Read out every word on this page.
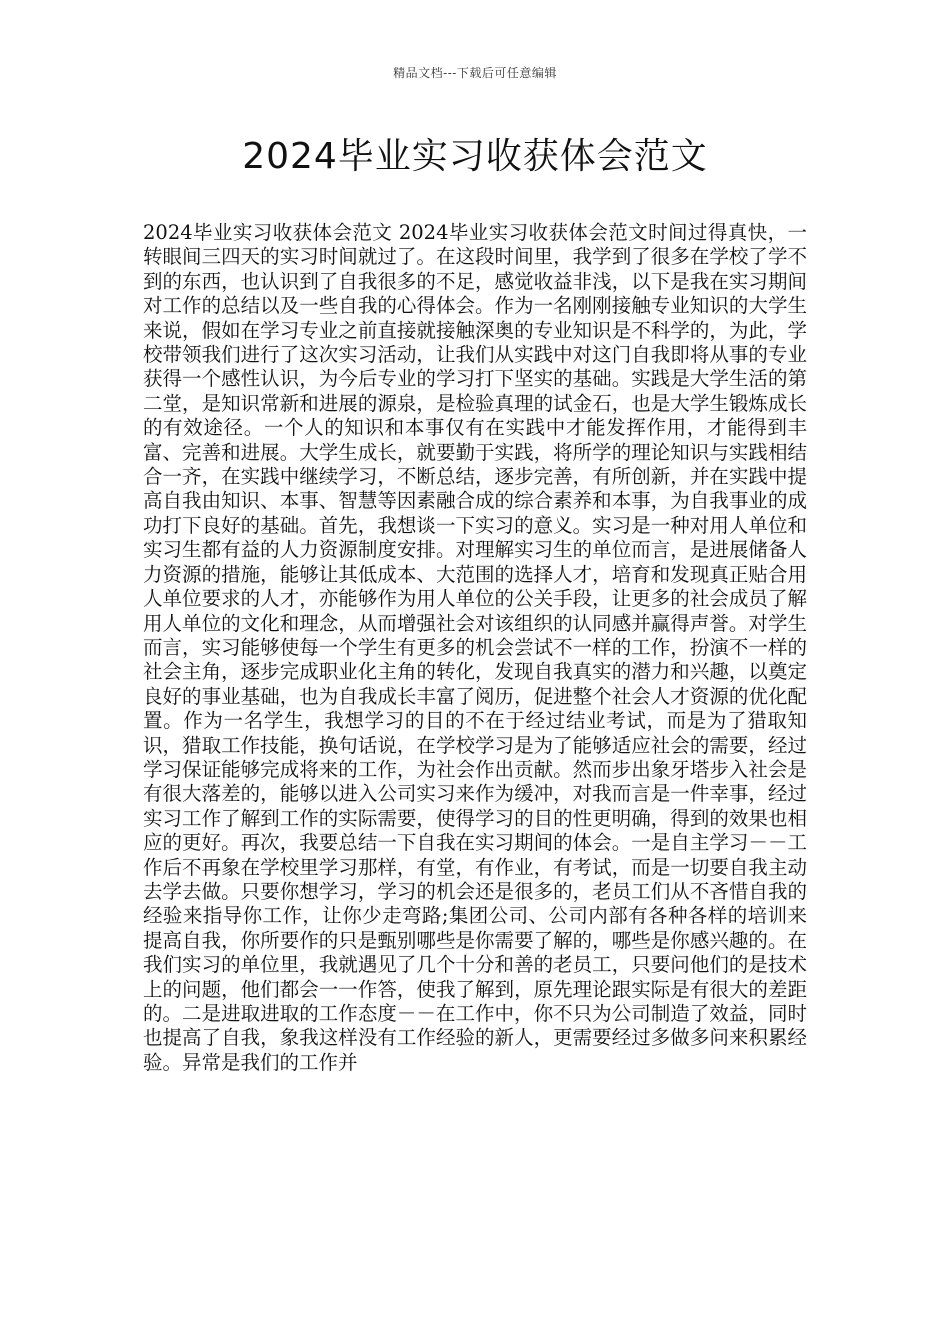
精品文档---下载后可任意编辑
2024毕业实习收获体会范文

2024毕业实习收获体会范文 2024毕业实习收获体会范文时间过得真快，一转眼间三四天的实习时间就过了。在这段时间里，我学到了很多在学校了学不到的东西，也认识到了自我很多的不足，感觉收益非浅，以下是我在实习期间对工作的总结以及一些自我的心得体会。作为一名刚刚接触专业知识的大学生来说，假如在学习专业之前直接就接触深奥的专业知识是不科学的，为此，学校带领我们进行了这次实习活动，让我们从实践中对这门自我即将从事的专业获得一个感性认识，为今后专业的学习打下坚实的基础。实践是大学生活的第二堂，是知识常新和进展的源泉，是检验真理的试金石，也是大学生锻炼成长的有效途径。一个人的知识和本事仅有在实践中才能发挥作用，才能得到丰富、完善和进展。大学生成长，就要勤于实践，将所学的理论知识与实践相结合一齐，在实践中继续学习，不断总结，逐步完善，有所创新，并在实践中提高自我由知识、本事、智慧等因素融合成的综合素养和本事，为自我事业的成功打下良好的基础。首先，我想谈一下实习的意义。实习是一种对用人单位和实习生都有益的人力资源制度安排。对理解实习生的单位而言，是进展储备人力资源的措施，能够让其低成本、大范围的选择人才，培育和发现真正贴合用人单位要求的人才，亦能够作为用人单位的公关手段，让更多的社会成员了解用人单位的文化和理念，从而增强社会对该组织的认同感并赢得声誉。对学生而言，实习能够使每一个学生有更多的机会尝试不一样的工作，扮演不一样的社会主角，逐步完成职业化主角的转化，发现自我真实的潜力和兴趣，以奠定良好的事业基础，也为自我成长丰富了阅历，促进整个社会人才资源的优化配置。作为一名学生，我想学习的目的不在于经过结业考试，而是为了猎取知识，猎取工作技能，换句话说，在学校学习是为了能够适应社会的需要，经过学习保证能够完成将来的工作，为社会作出贡献。然而步出象牙塔步入社会是有很大落差的，能够以进入公司实习来作为缓冲，对我而言是一件幸事，经过实习工作了解到工作的实际需要，使得学习的目的性更明确，得到的效果也相应的更好。再次，我要总结一下自我在实习期间的体会。一是自主学习－－工作后不再象在学校里学习那样，有堂，有作业，有考试，而是一切要自我主动去学去做。只要你想学习，学习的机会还是很多的，老员工们从不吝惜自我的经验来指导你工作，让你少走弯路;集团公司、公司内部有各种各样的培训来提高自我，你所要作的只是甄别哪些是你需要了解的，哪些是你感兴趣的。在我们实习的单位里，我就遇见了几个十分和善的老员工，只要问他们的是技术上的问题，他们都会一一作答，使我了解到，原先理论跟实际是有很大的差距的。二是进取进取的工作态度－－在工作中，你不只为公司制造了效益，同时也提高了自我，象我这样没有工作经验的新人，更需要经过多做多问来积累经验。异常是我们的工作并
